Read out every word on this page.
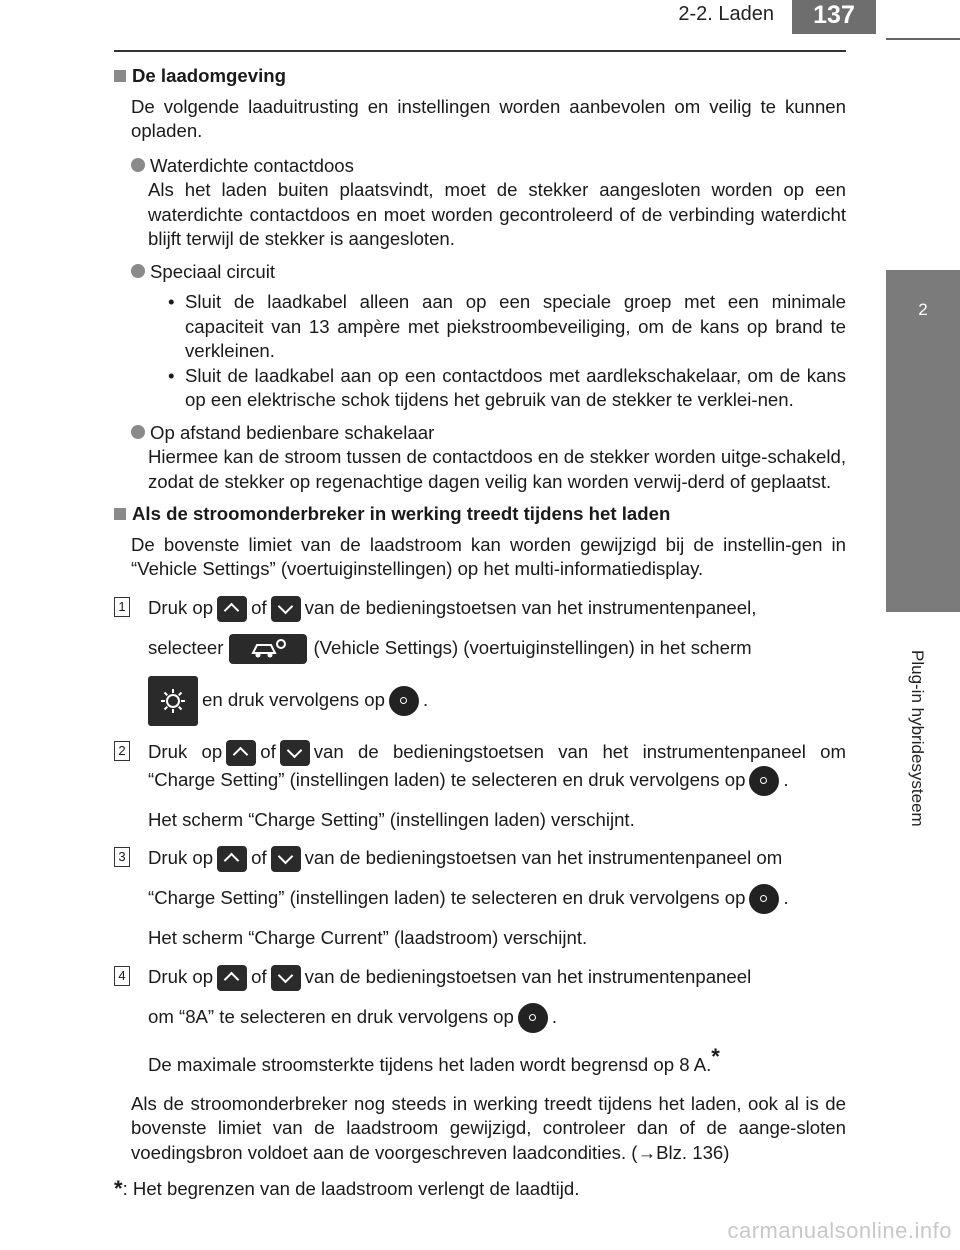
2-2. Laden	137
2
Plug-in hybridesysteem
De laadomgeving
De volgende laaduitrusting en instellingen worden aanbevolen om veilig te kunnen opladen.
Waterdichte contactdoos
Als het laden buiten plaatsvindt, moet de stekker aangesloten worden op een waterdichte contactdoos en moet worden gecontroleerd of de verbinding waterdicht blijft terwijl de stekker is aangesloten.
Speciaal circuit
• Sluit de laadkabel alleen aan op een speciale groep met een minimale capaciteit van 13 ampère met piekstroombeveiliging, om de kans op brand te verkleinen.
• Sluit de laadkabel aan op een contactdoos met aardlekschakelaar, om de kans op een elektrische schok tijdens het gebruik van de stekker te verklei-nen.
Op afstand bedienbare schakelaar
Hiermee kan de stroom tussen de contactdoos en de stekker worden uitge-schakeld, zodat de stekker op regenachtige dagen veilig kan worden verwij-derd of geplaatst.
Als de stroomonderbreker in werking treedt tijdens het laden
De bovenste limiet van de laadstroom kan worden gewijzigd bij de instellin-gen in “Vehicle Settings” (voertuiginstellingen) op het multi-informatiedisplay.
1 Druk op of van de bedieningstoetsen van het instrumentenpaneel,
selecteer	(Vehicle Settings) (voertuiginstellingen) in het scherm
en druk vervolgens op .
2 Druk op of van de bedieningstoetsen van het instrumentenpaneel om “Charge Setting” (instellingen laden) te selecteren en druk vervolgens op .
Het scherm “Charge Setting” (instellingen laden) verschijnt.
3 Druk op of van de bedieningstoetsen van het instrumentenpaneel om
“Charge Setting” (instellingen laden) te selecteren en druk vervolgens op .
Het scherm “Charge Current” (laadstroom) verschijnt.
4 Druk op of van de bedieningstoetsen van het instrumentenpaneel
om “8A” te selecteren en druk vervolgens op .
De maximale stroomsterkte tijdens het laden wordt begrensd op 8 A.*
Als de stroomonderbreker nog steeds in werking treedt tijdens het laden, ook al is de bovenste limiet van de laadstroom gewijzigd, controleer dan of de aange-sloten voedingsbron voldoet aan de voorgeschreven laadcondities. (→Blz. 136)
*: Het begrenzen van de laadstroom verlengt de laadtijd.
carmanualsonline.info
